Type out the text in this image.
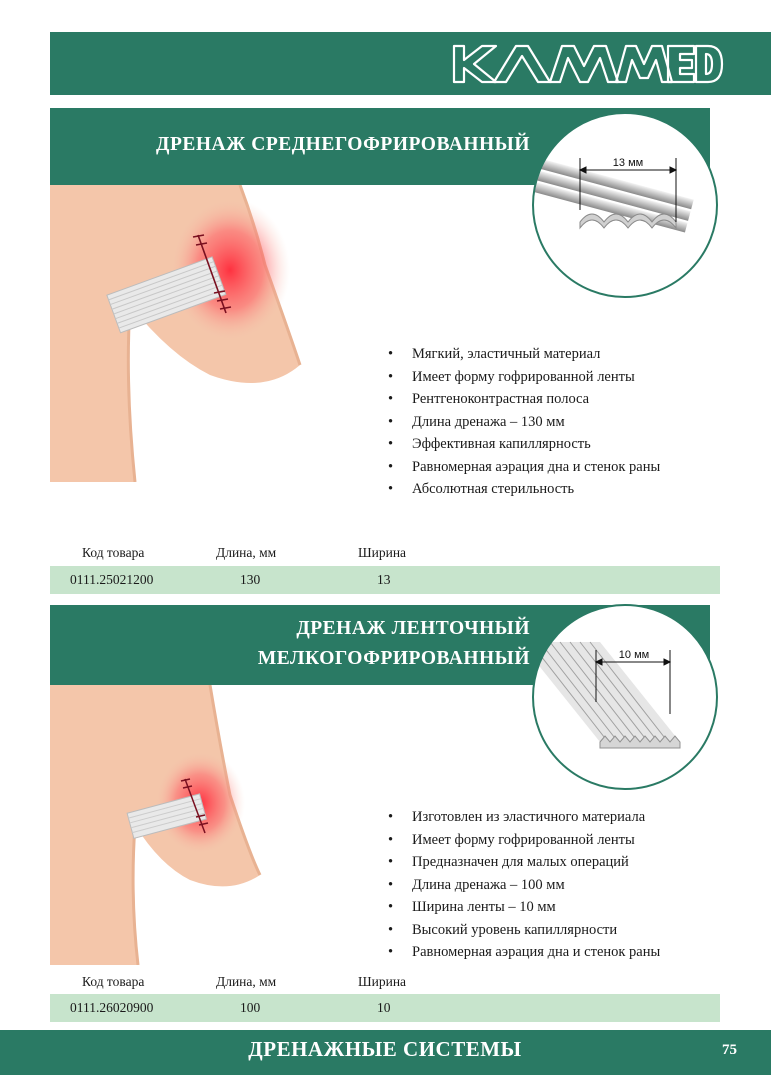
ДРЕНАЖ СРЕДНЕГОФРИРОВАННЫЙ
13 мм
• Мягкий, эластичный материал
• Имеет форму гофрированной ленты
• Рентгеноконтрастная полоса
• Длина дренажа – 130 мм
• Эффективная капиллярность
• Равномерная аэрация дна и стенок раны
• Абсолютная стерильность
Код товара	Длина, мм	Ширина
0111.25021200	130	13
ДРЕНАЖ ЛЕНТОЧНЫЙ
МЕЛКОГОФРИРОВАННЫЙ	10 мм
• Изготовлен из эластичного материала
• Имеет форму гофрированной ленты
• Предназначен для малых операций
• Длина дренажа – 100 мм
• Ширина ленты – 10 мм
• Высокий уровень капиллярности
• Равномерная аэрация дна и стенок раны
Код товара	Длина, мм	Ширина
0111.26020900	100	10
ДРЕНАЖНЫЕ СИСТЕМЫ	75
